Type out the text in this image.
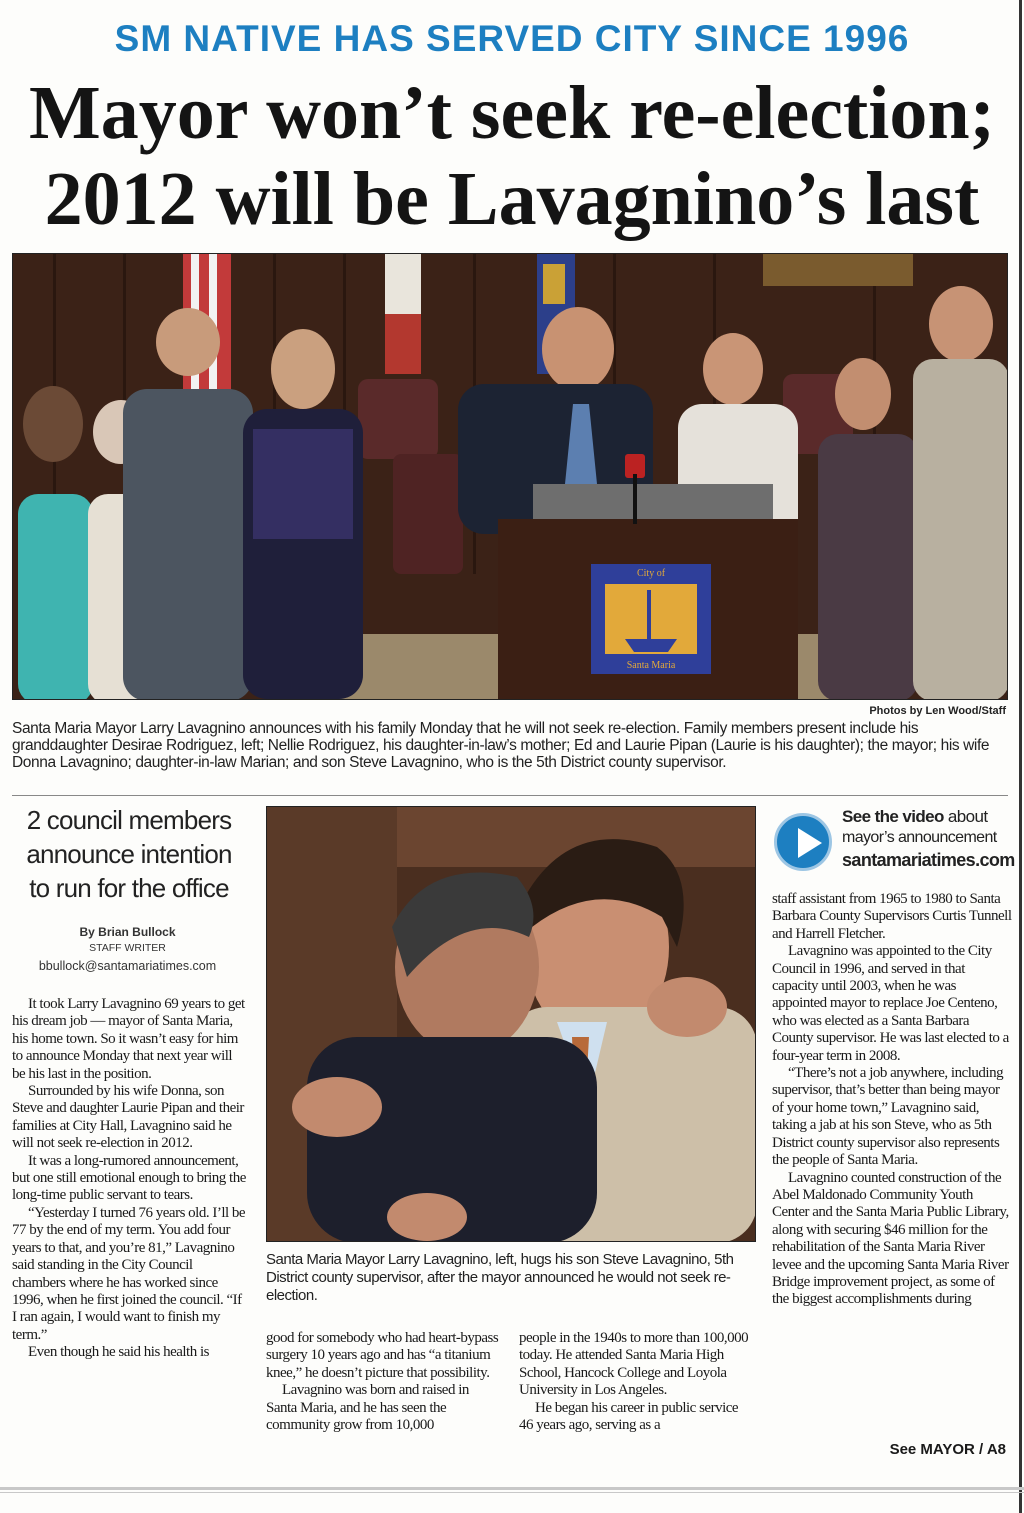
SM NATIVE HAS SERVED CITY SINCE 1996
Mayor won’t seek re-election;
2012 will be Lavagnino’s last
City of
Santa Maria
Photos by Len Wood/Staff
Santa Maria Mayor Larry Lavagnino announces with his family Monday that he will not seek re-election. Family members present include his granddaughter Desirae Rodriguez, left; Nellie Rodriguez, his daughter-in-law’s mother; Ed and Laurie Pipan (Laurie is his daughter); the mayor; his wife Donna Lavagnino; daughter-in-law Marian; and son Steve Lavagnino, who is the 5th District county supervisor.
2 council members announce intention to run for the office
By Brian Bullock
STAFF WRITER
bbullock@santamariatimes.com

It took Larry Lavagnino 69 years to get his dream job — mayor of Santa Maria, his home town. So it wasn’t easy for him to announce Monday that next year will be his last in the position.

Surrounded by his wife Donna, son Steve and daughter Laurie Pipan and their families at City Hall, Lavagnino said he will not seek re-election in 2012.

It was a long-rumored announcement, but one still emotional enough to bring the long-time public servant to tears.

“Yesterday I turned 76 years old. I’ll be 77 by the end of my term. You add four years to that, and you’re 81,” Lavagnino said standing in the City Council chambers where he has worked since 1996, when he first joined the council. “If I ran again, I would want to finish my term.”

Even though he said his health is

Santa Maria Mayor Larry Lavagnino, left, hugs his son Steve Lavagnino, 5th District county supervisor, after the mayor announced he would not seek re-election.

good for somebody who had heart-bypass surgery 10 years ago and has “a titanium knee,” he doesn’t picture that possibility.

Lavagnino was born and raised in Santa Maria, and he has seen the community grow from 10,000

people in the 1940s to more than 100,000 today. He attended Santa Maria High School, Hancock College and Loyola University in Los Angeles.

He began his career in public service 46 years ago, serving as a

See the video about
mayor’s announcement
santamariatimes.com

staff assistant from 1965 to 1980 to Santa Barbara County Supervisors Curtis Tunnell and Harrell Fletcher.

Lavagnino was appointed to the City Council in 1996, and served in that capacity until 2003, when he was appointed mayor to replace Joe Centeno, who was elected as a Santa Barbara County supervisor. He was last elected to a four-year term in 2008.

“There’s not a job anywhere, including supervisor, that’s better than being mayor of your home town,” Lavagnino said, taking a jab at his son Steve, who as 5th District county supervisor also represents the people of Santa Maria.

Lavagnino counted construction of the Abel Maldonado Community Youth Center and the Santa Maria Public Library, along with securing $46 million for the rehabilitation of the Santa Maria River levee and the upcoming Santa Maria River Bridge improvement project, as some of the biggest accomplishments during

See MAYOR / A8
